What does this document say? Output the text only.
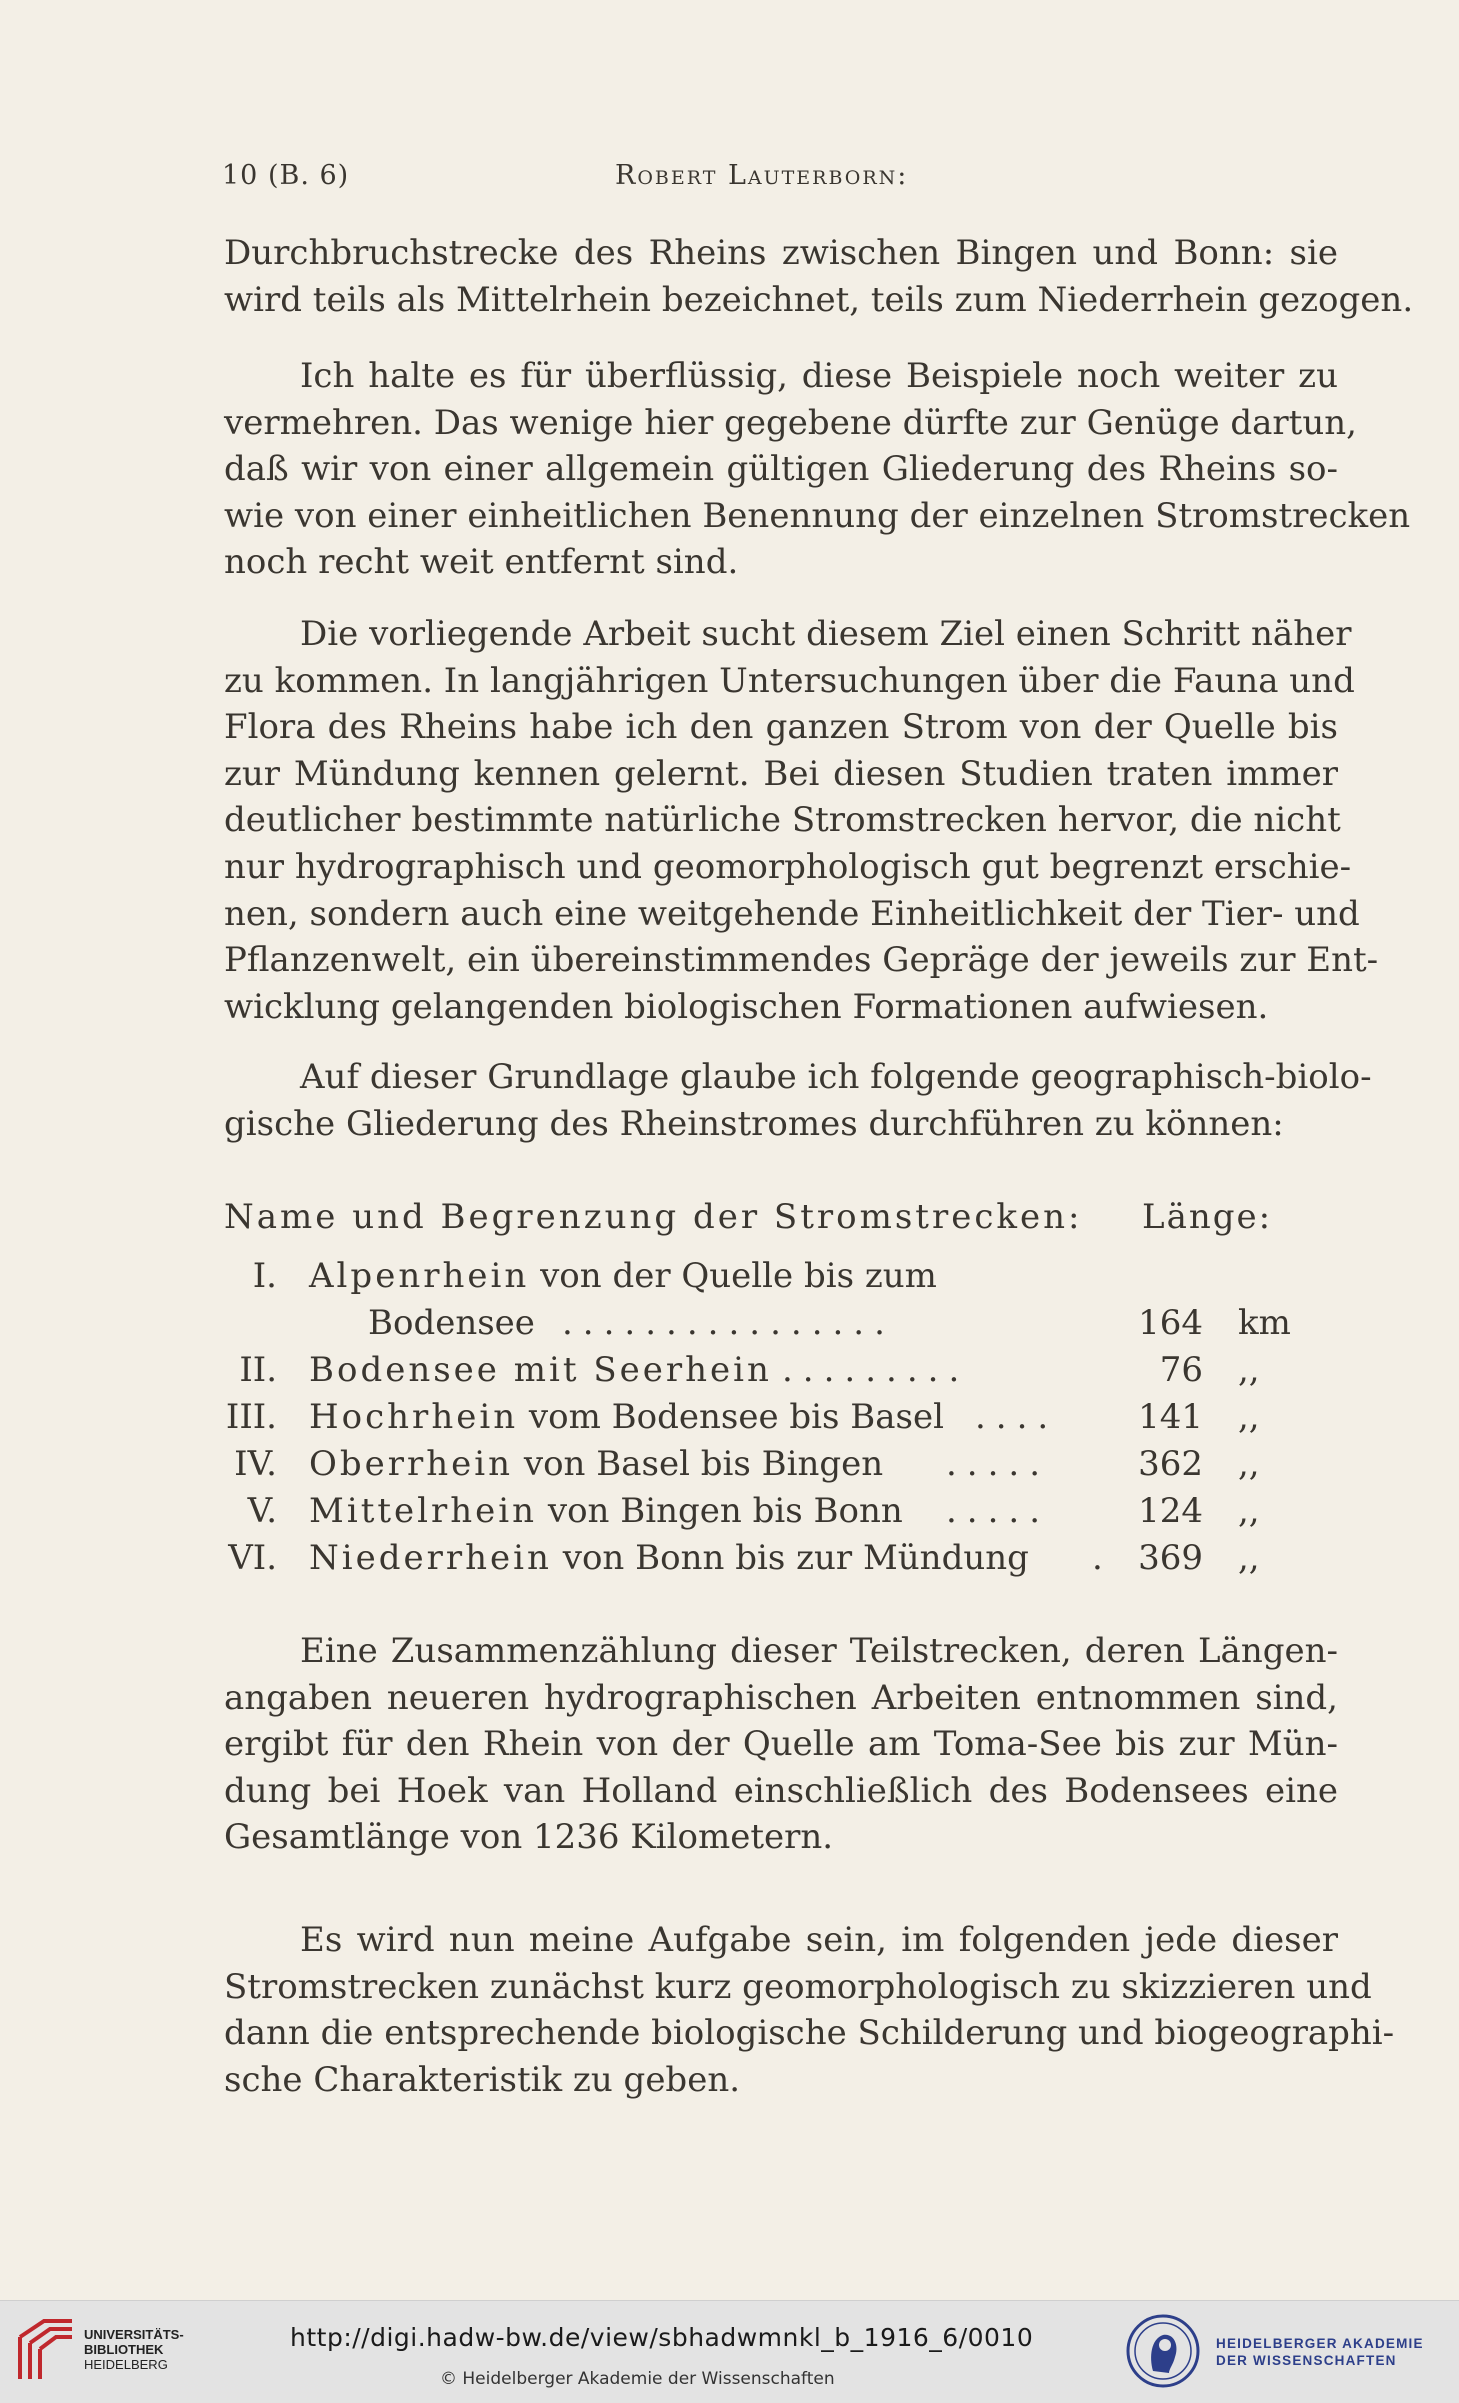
10 (B. 6)	Robert Lauterborn:

Durchbruchstrecke des Rheins zwischen Bingen und Bonn: sie
wird teils als Mittelrhein bezeichnet, teils zum Niederrhein gezogen.

Ich halte es für überflüssig, diese Beispiele noch weiter zu
vermehren. Das wenige hier gegebene dürfte zur Genüge dartun,
daß wir von einer allgemein gültigen Gliederung des Rheins so-
wie von einer einheitlichen Benennung der einzelnen Stromstrecken
noch recht weit entfernt sind.

Die vorliegende Arbeit sucht diesem Ziel einen Schritt näher
zu kommen. In langjährigen Untersuchungen über die Fauna und
Flora des Rheins habe ich den ganzen Strom von der Quelle bis
zur Mündung kennen gelernt. Bei diesen Studien traten immer
deutlicher bestimmte natürliche Stromstrecken hervor, die nicht
nur hydrographisch und geomorphologisch gut begrenzt erschie-
nen, sondern auch eine weitgehende Einheitlichkeit der Tier- und
Pflanzenwelt, ein übereinstimmendes Gepräge der jeweils zur Ent-
wicklung gelangenden biologischen Formationen aufwiesen.

Auf dieser Grundlage glaube ich folgende geographisch-biolo-
gische Gliederung des Rheinstromes durchführen zu können:

Name und Begrenzung der Stromstrecken: Länge:
I. Alpenrhein von der Quelle bis zum
Bodensee ................	164 km
II. Bodensee mit Seerhein .........	76 ,,
III. Hochrhein vom Bodensee bis Basel .... 141 ,,
IV. Oberrhein von Basel bis Bingen .....	362 ,,
V. Mittelrhein von Bingen bis Bonn .....	124 ,,
VI. Niederrhein von Bonn bis zur Mündung . 369 ,,

Eine Zusammenzählung dieser Teilstrecken, deren Längen-
angaben neueren hydrographischen Arbeiten entnommen sind,
ergibt für den Rhein von der Quelle am Toma-See bis zur Mün-
dung bei Hoek van Holland einschließlich des Bodensees eine
Gesamtlänge von 1236 Kilometern.

Es wird nun meine Aufgabe sein, im folgenden jede dieser
Stromstrecken zunächst kurz geomorphologisch zu skizzieren und
dann die entsprechende biologische Schilderung und biogeographi-
sche Charakteristik zu geben.

UNIVERSITÄTS-
BIBLIOTHEK
HEIDELBERG
http://digi.hadw-bw.de/view/sbhadwmnkl_b_1916_6/0010
© Heidelberger Akademie der Wissenschaften
HEIDELBERGER AKADEMIE
DER WISSENSCHAFTEN
